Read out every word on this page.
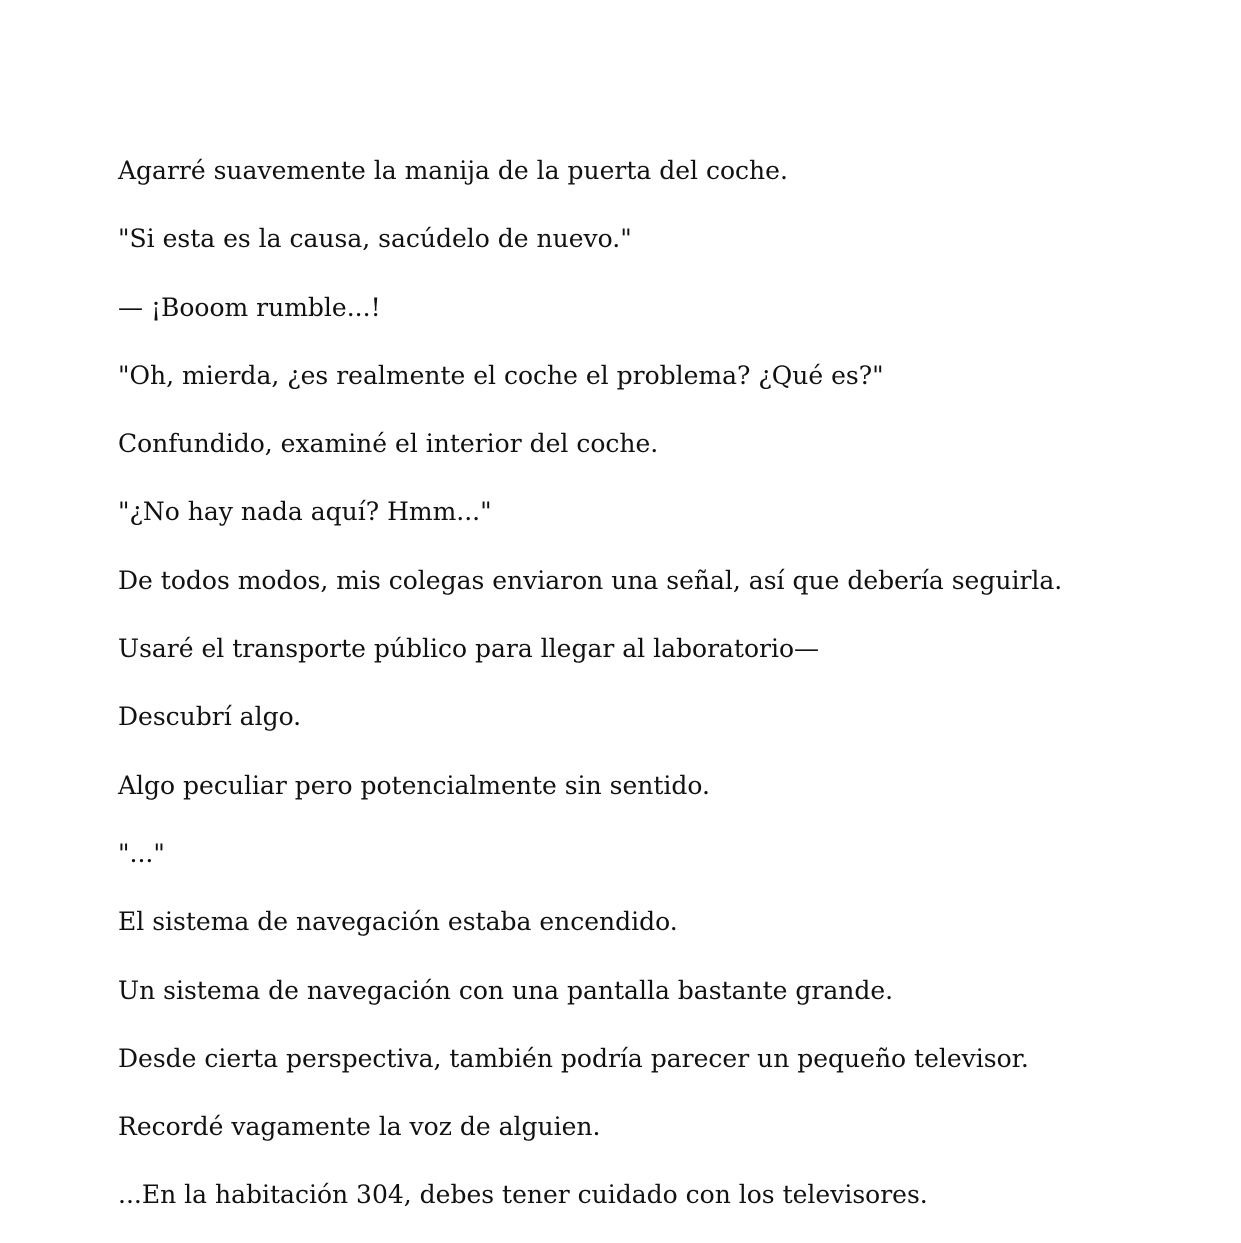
Agarré suavemente la manija de la puerta del coche.

"Si esta es la causa, sacúdelo de nuevo."

— ¡Booom rumble...!

"Oh, mierda, ¿es realmente el coche el problema? ¿Qué es?"

Confundido, examiné el interior del coche.

"¿No hay nada aquí? Hmm..."

De todos modos, mis colegas enviaron una señal, así que debería seguirla.

Usaré el transporte público para llegar al laboratorio—

Descubrí algo.

Algo peculiar pero potencialmente sin sentido.

"..."

El sistema de navegación estaba encendido.

Un sistema de navegación con una pantalla bastante grande.

Desde cierta perspectiva, también podría parecer un pequeño televisor.

Recordé vagamente la voz de alguien.

...En la habitación 304, debes tener cuidado con los televisores.
